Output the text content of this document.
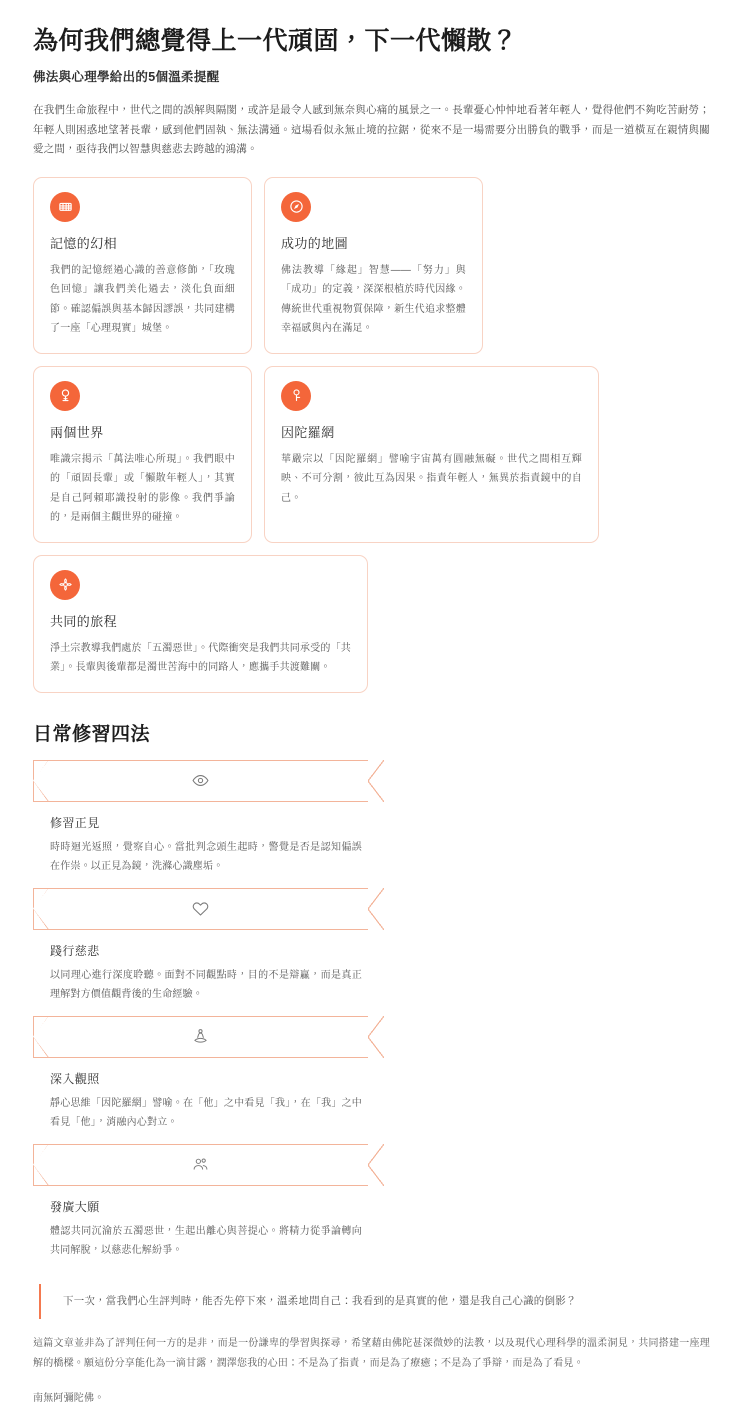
為何我們總覺得上一代頑固，下一代懶散？
佛法與心理學給出的5個溫柔提醒

在我們生命旅程中，世代之間的誤解與隔閡，或許是最令人感到無奈與心痛的風景之一。長輩憂心忡忡地看著年輕人，覺得他們不夠吃苦耐勞；年輕人則困惑地望著長輩，感到他們固執、無法溝通。這場看似永無止境的拉鋸，從來不是一場需要分出勝負的戰爭，而是一道橫亙在親情與關愛之間，亟待我們以智慧與慈悲去跨越的鴻溝。

記憶的幻相

我們的記憶經過心識的善意修飾，「玫瑰色回憶」讓我們美化過去，淡化負面細節。確認偏誤與基本歸因謬誤，共同建構了一座「心理現實」城堡。

成功的地圖

佛法教導「緣起」智慧——「努力」與「成功」的定義，深深根植於時代因緣。傳統世代重視物質保障，新生代追求整體幸福感與內在滿足。

兩個世界

唯識宗揭示「萬法唯心所現」。我們眼中的「頑固長輩」或「懶散年輕人」，其實是自己阿賴耶識投射的影像。我們爭論的，是兩個主觀世界的碰撞。

因陀羅網

華嚴宗以「因陀羅網」譬喻宇宙萬有圓融無礙。世代之間相互輝映、不可分割，彼此互為因果。指責年輕人，無異於指責鏡中的自己。

共同的旅程

淨土宗教導我們處於「五濁惡世」。代際衝突是我們共同承受的「共業」。長輩與後輩都是濁世苦海中的同路人，應攜手共渡難關。

日常修習四法
修習正見

時時迴光返照，覺察自心。當批判念頭生起時，警覺是否是認知偏誤在作祟。以正見為鏡，洗滌心識塵垢。

踐行慈悲

以同理心進行深度聆聽。面對不同觀點時，目的不是辯贏，而是真正理解對方價值觀背後的生命經驗。

深入觀照

靜心思維「因陀羅網」譬喻。在「他」之中看見「我」，在「我」之中看見「他」，消融內心對立。

發廣大願

體認共同沉淪於五濁惡世，生起出離心與菩提心。將精力從爭論轉向共同解脫，以慈悲化解紛爭。

下一次，當我們心生評判時，能否先停下來，溫柔地問自己：我看到的是真實的他，還是我自己心識的倒影？

這篇文章並非為了評判任何一方的是非，而是一份謙卑的學習與探尋，希望藉由佛陀甚深微妙的法教，以及現代心理科學的溫柔洞見，共同搭建一座理解的橋樑。願這份分享能化為一滴甘露，潤澤您我的心田：不是為了指責，而是為了療癒；不是為了爭辯，而是為了看見。

南無阿彌陀佛。
